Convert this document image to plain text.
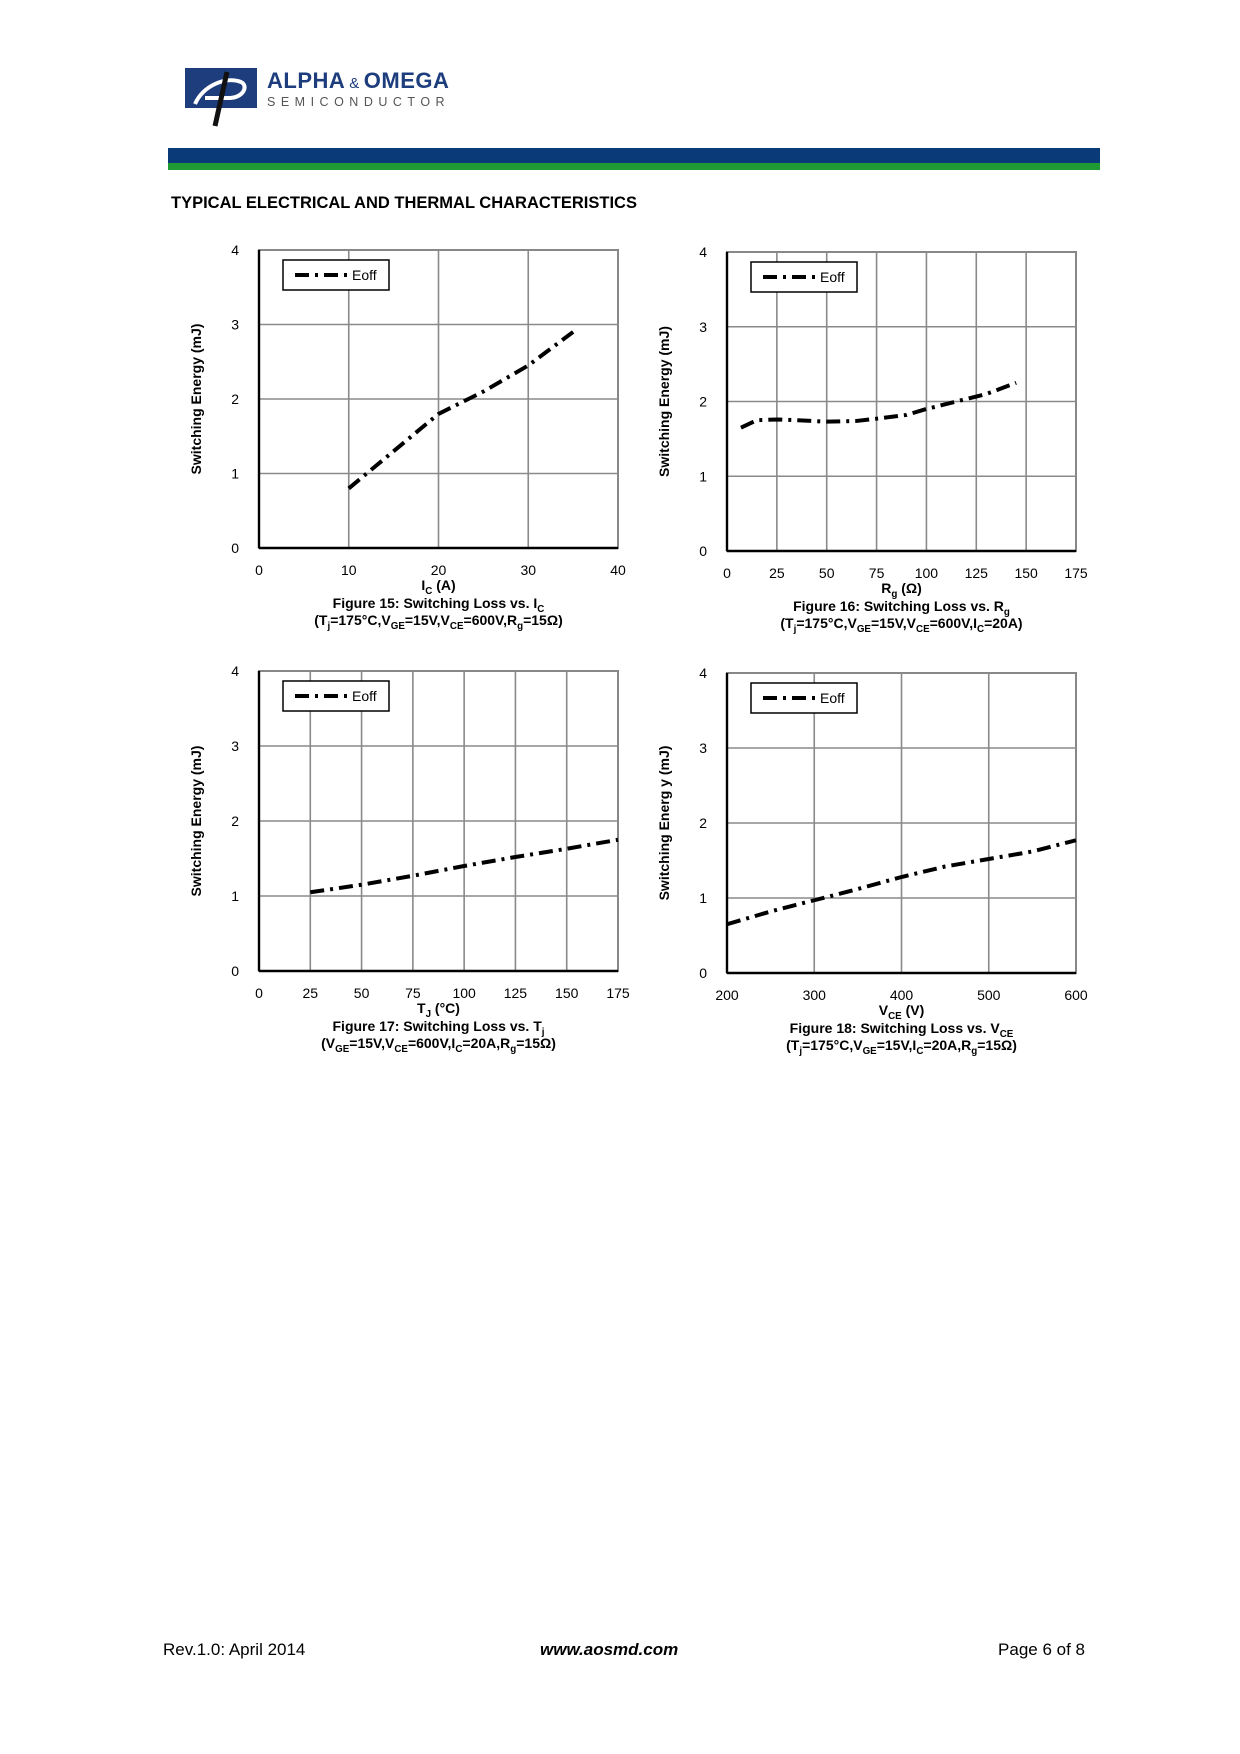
ALPHA & OMEGA
SEMICONDUCTOR
TYPICAL ELECTRICAL AND THERMAL CHARACTERISTICS
0	10	20	30	40
0
1
2
3
4
Eoff
IC (A)
Switching Energy (mJ)
Figure 15: Switching Loss vs. IC
(Tj=175°C,VGE=15V,VCE=600V,Rg=15Ω)
0	25 50 75 100 125 150 175
0
1
2
3
4
Eoff
Rg (Ω)
Switching Energy (mJ)
Figure 16: Switching Loss vs. Rg
(Tj=175°C,VGE=15V,VCE=600V,IC=20A)
0	25	50	75 100 125 150 175
0
1
2
3
4
Eoff
TJ (°C)
Switching Energy (mJ)
Figure 17: Switching Loss vs. Tj
(VGE=15V,VCE=600V,IC=20A,Rg=15Ω)
200	300	400	500	600
0
1
2
3
4
Eoff
VCE (V)
Switching Energ y (mJ)
Figure 18: Switching Loss vs. VCE
(Tj=175°C,VGE=15V,IC=20A,Rg=15Ω)
Rev.1.0: April 2014	www.aosmd.com	Page 6 of 8
